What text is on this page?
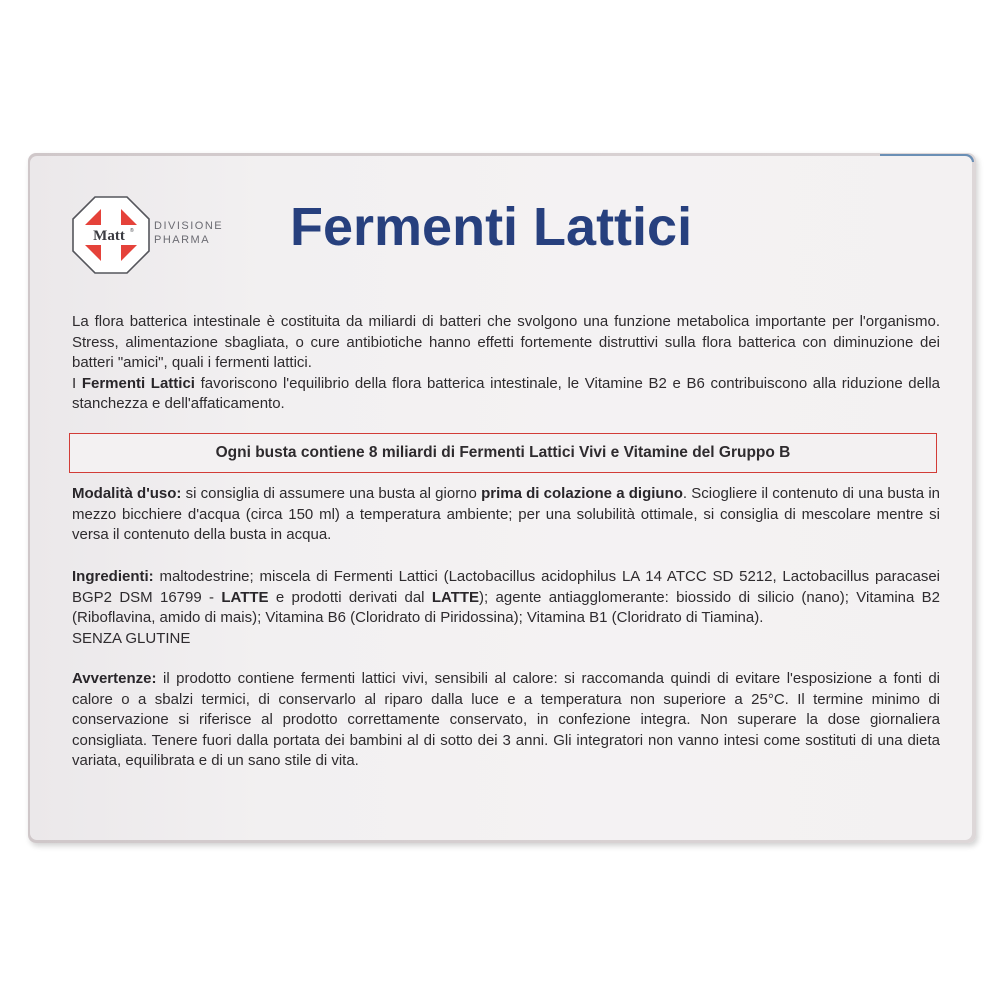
Matt ® DIVISIONE
PHARMA Fermenti Lattici

La flora batterica intestinale è costituita da miliardi di batteri che svolgono una funzione metabolica importante per l'organismo. Stress, alimentazione sbagliata, o cure antibiotiche hanno effetti fortemente distruttivi sulla flora batterica con diminuzione dei batteri "amici", quali i fermenti lattici.
I Fermenti Lattici favoriscono l'equilibrio della flora batterica intestinale, le Vitamine B2 e B6 contribuiscono alla riduzione della stanchezza e dell'affaticamento.

Ogni busta contiene 8 miliardi di Fermenti Lattici Vivi e Vitamine del Gruppo B

Modalità d'uso: si consiglia di assumere una busta al giorno prima di colazione a digiuno. Sciogliere il contenuto di una busta in mezzo bicchiere d'acqua (circa 150 ml) a temperatura ambiente; per una solubilità ottimale, si consiglia di mescolare mentre si versa il contenuto della busta in acqua.

Ingredienti: maltodestrine; miscela di Fermenti Lattici (Lactobacillus acidophilus LA 14 ATCC SD 5212, Lactobacillus paracasei BGP2 DSM 16799 - LATTE e prodotti derivati dal LATTE); agente antiagglomerante: biossido di silicio (nano); Vitamina B2 (Riboflavina, amido di mais); Vitamina B6 (Cloridrato di Piridossina); Vitamina B1 (Cloridrato di Tiamina).
SENZA GLUTINE

Avvertenze: il prodotto contiene fermenti lattici vivi, sensibili al calore: si raccomanda quindi di evitare l'esposizione a fonti di calore o a sbalzi termici, di conservarlo al riparo dalla luce e a temperatura non superiore a 25°C. Il termine minimo di conservazione si riferisce al prodotto correttamente conservato, in confezione integra. Non superare la dose giornaliera consigliata. Tenere fuori dalla portata dei bambini al di sotto dei 3 anni. Gli integratori non vanno intesi come sostituti di una dieta variata, equilibrata e di un sano stile di vita.
